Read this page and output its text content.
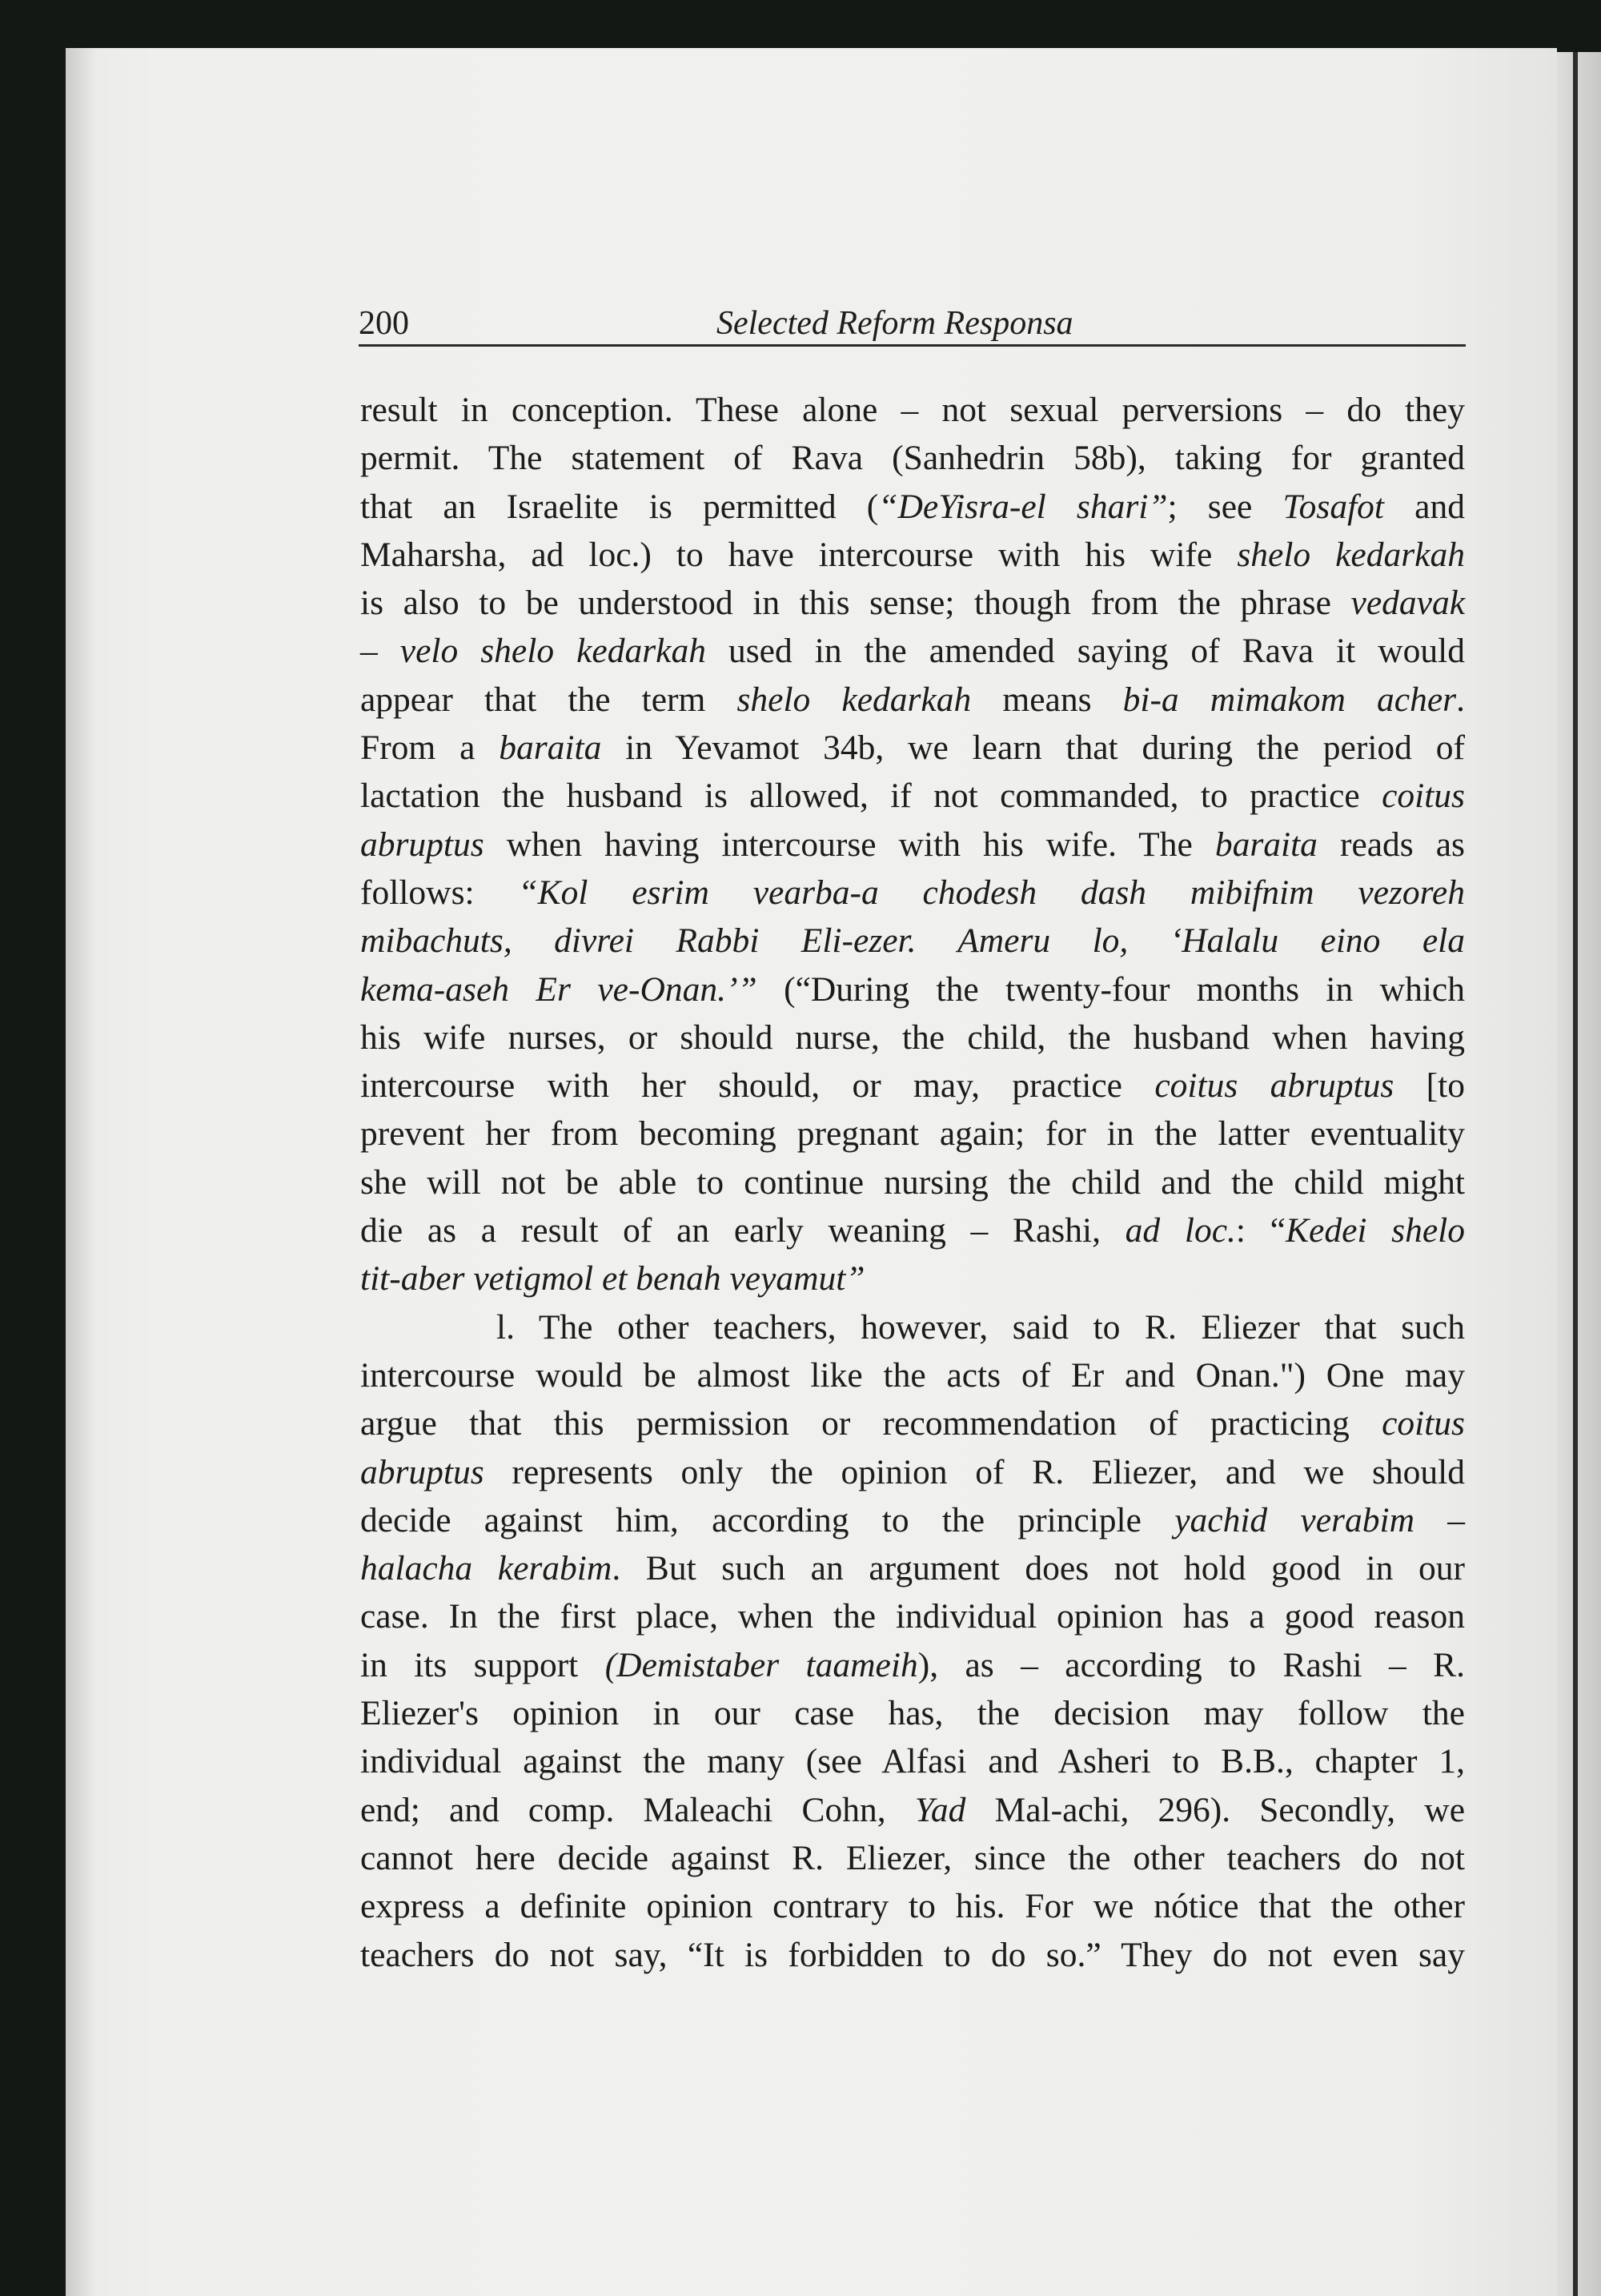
200	Selected Reform Responsa
result in conception. These alone – not sexual perversions – do they
permit. The statement of Rava (Sanhedrin 58b), taking for granted
that an Israelite is permitted (“DeYisra-el shari”; see Tosafot and
Maharsha, ad loc.) to have intercourse with his wife shelo kedarkah
is also to be understood in this sense; though from the phrase vedavak
– velo shelo kedarkah used in the amended saying of Rava it would
appear that the term shelo kedarkah means bi-a mimakom acher.
From a baraita in Yevamot 34b, we learn that during the period of
lactation the husband is allowed, if not commanded, to practice coitus
abruptus when having intercourse with his wife. The baraita reads as
follows: “Kol esrim vearba-a chodesh dash mibifnim vezoreh
mibachuts, divrei Rabbi Eli-ezer. Ameru lo, ‘Halalu eino ela
kema-aseh Er ve-Onan.’” (“During the twenty-four months in which
his wife nurses, or should nurse, the child, the husband when having
intercourse with her should, or may, practice coitus abruptus [to
prevent her from becoming pregnant again; for in the latter eventuality
she will not be able to continue nursing the child and the child might
die as a result of an early weaning – Rashi, ad loc.: “Kedei shelo
tit-aber vetigmol et benah veyamut”
l. The other teachers, however, said to R. Eliezer that such
intercourse would be almost like the acts of Er and Onan.") One may
argue that this permission or recommendation of practicing coitus
abruptus represents only the opinion of R. Eliezer, and we should
decide against him, according to the principle yachid verabim –
halacha kerabim. But such an argument does not hold good in our
case. In the first place, when the individual opinion has a good reason
in its support (Demistaber taameih), as – according to Rashi – R.
Eliezer's opinion in our case has, the decision may follow the
individual against the many (see Alfasi and Asheri to B.B., chapter 1,
end; and comp. Maleachi Cohn, Yad Mal-achi, 296). Secondly, we
cannot here decide against R. Eliezer, since the other teachers do not
express a definite opinion contrary to his. For we nótice that the other
teachers do not say, “It is forbidden to do so.” They do not even say
